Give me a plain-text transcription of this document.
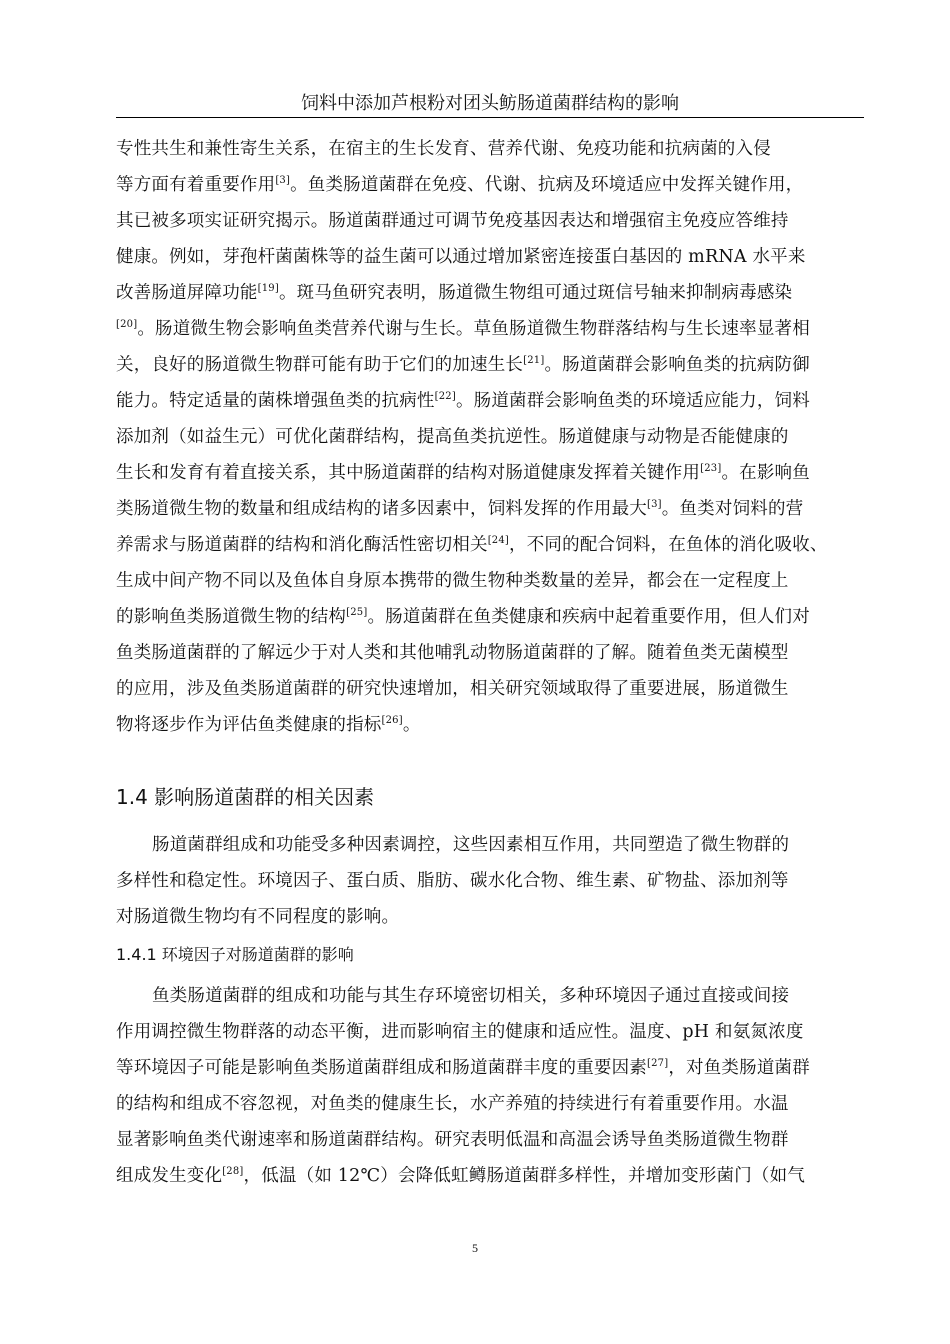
饲料中添加芦根粉对团头鲂肠道菌群结构的影响
专性共生和兼性寄生关系，在宿主的生长发育、营养代谢、免疫功能和抗病菌的入侵
等方面有着重要作用[3]。鱼类肠道菌群在免疫、代谢、抗病及环境适应中发挥关键作用，
其已被多项实证研究揭示。肠道菌群通过可调节免疫基因表达和增强宿主免疫应答维持
健康。例如，芽孢杆菌菌株等的益生菌可以通过增加紧密连接蛋白基因的 mRNA 水平来
改善肠道屏障功能[19]。斑马鱼研究表明，肠道微生物组可通过斑信号轴来抑制病毒感染
[20]。肠道微生物会影响鱼类营养代谢与生长。草鱼肠道微生物群落结构与生长速率显著相
关，良好的肠道微生物群可能有助于它们的加速生长[21]。肠道菌群会影响鱼类的抗病防御
能力。特定适量的菌株增强鱼类的抗病性[22]。肠道菌群会影响鱼类的环境适应能力，饲料
添加剂（如益生元）可优化菌群结构，提高鱼类抗逆性。肠道健康与动物是否能健康的
生长和发育有着直接关系，其中肠道菌群的结构对肠道健康发挥着关键作用[23]。在影响鱼
类肠道微生物的数量和组成结构的诸多因素中，饲料发挥的作用最大[3]。鱼类对饲料的营
养需求与肠道菌群的结构和消化酶活性密切相关[24]，不同的配合饲料，在鱼体的消化吸收、
生成中间产物不同以及鱼体自身原本携带的微生物种类数量的差异，都会在一定程度上
的影响鱼类肠道微生物的结构[25]。肠道菌群在鱼类健康和疾病中起着重要作用，但人们对
鱼类肠道菌群的了解远少于对人类和其他哺乳动物肠道菌群的了解。随着鱼类无菌模型
的应用，涉及鱼类肠道菌群的研究快速增加，相关研究领域取得了重要进展，肠道微生
物将逐步作为评估鱼类健康的指标[26]。
1.4 影响肠道菌群的相关因素
肠道菌群组成和功能受多种因素调控，这些因素相互作用，共同塑造了微生物群的
多样性和稳定性。环境因子、蛋白质、脂肪、碳水化合物、维生素、矿物盐、添加剂等
对肠道微生物均有不同程度的影响。
1.4.1 环境因子对肠道菌群的影响
鱼类肠道菌群的组成和功能与其生存环境密切相关，多种环境因子通过直接或间接
作用调控微生物群落的动态平衡，进而影响宿主的健康和适应性。温度、pH 和氨氮浓度
等环境因子可能是影响鱼类肠道菌群组成和肠道菌群丰度的重要因素[27]，对鱼类肠道菌群
的结构和组成不容忽视，对鱼类的健康生长，水产养殖的持续进行有着重要作用。水温
显著影响鱼类代谢速率和肠道菌群结构。研究表明低温和高温会诱导鱼类肠道微生物群
组成发生变化[28]，低温（如 12℃）会降低虹鳟肠道菌群多样性，并增加变形菌门（如气
5
